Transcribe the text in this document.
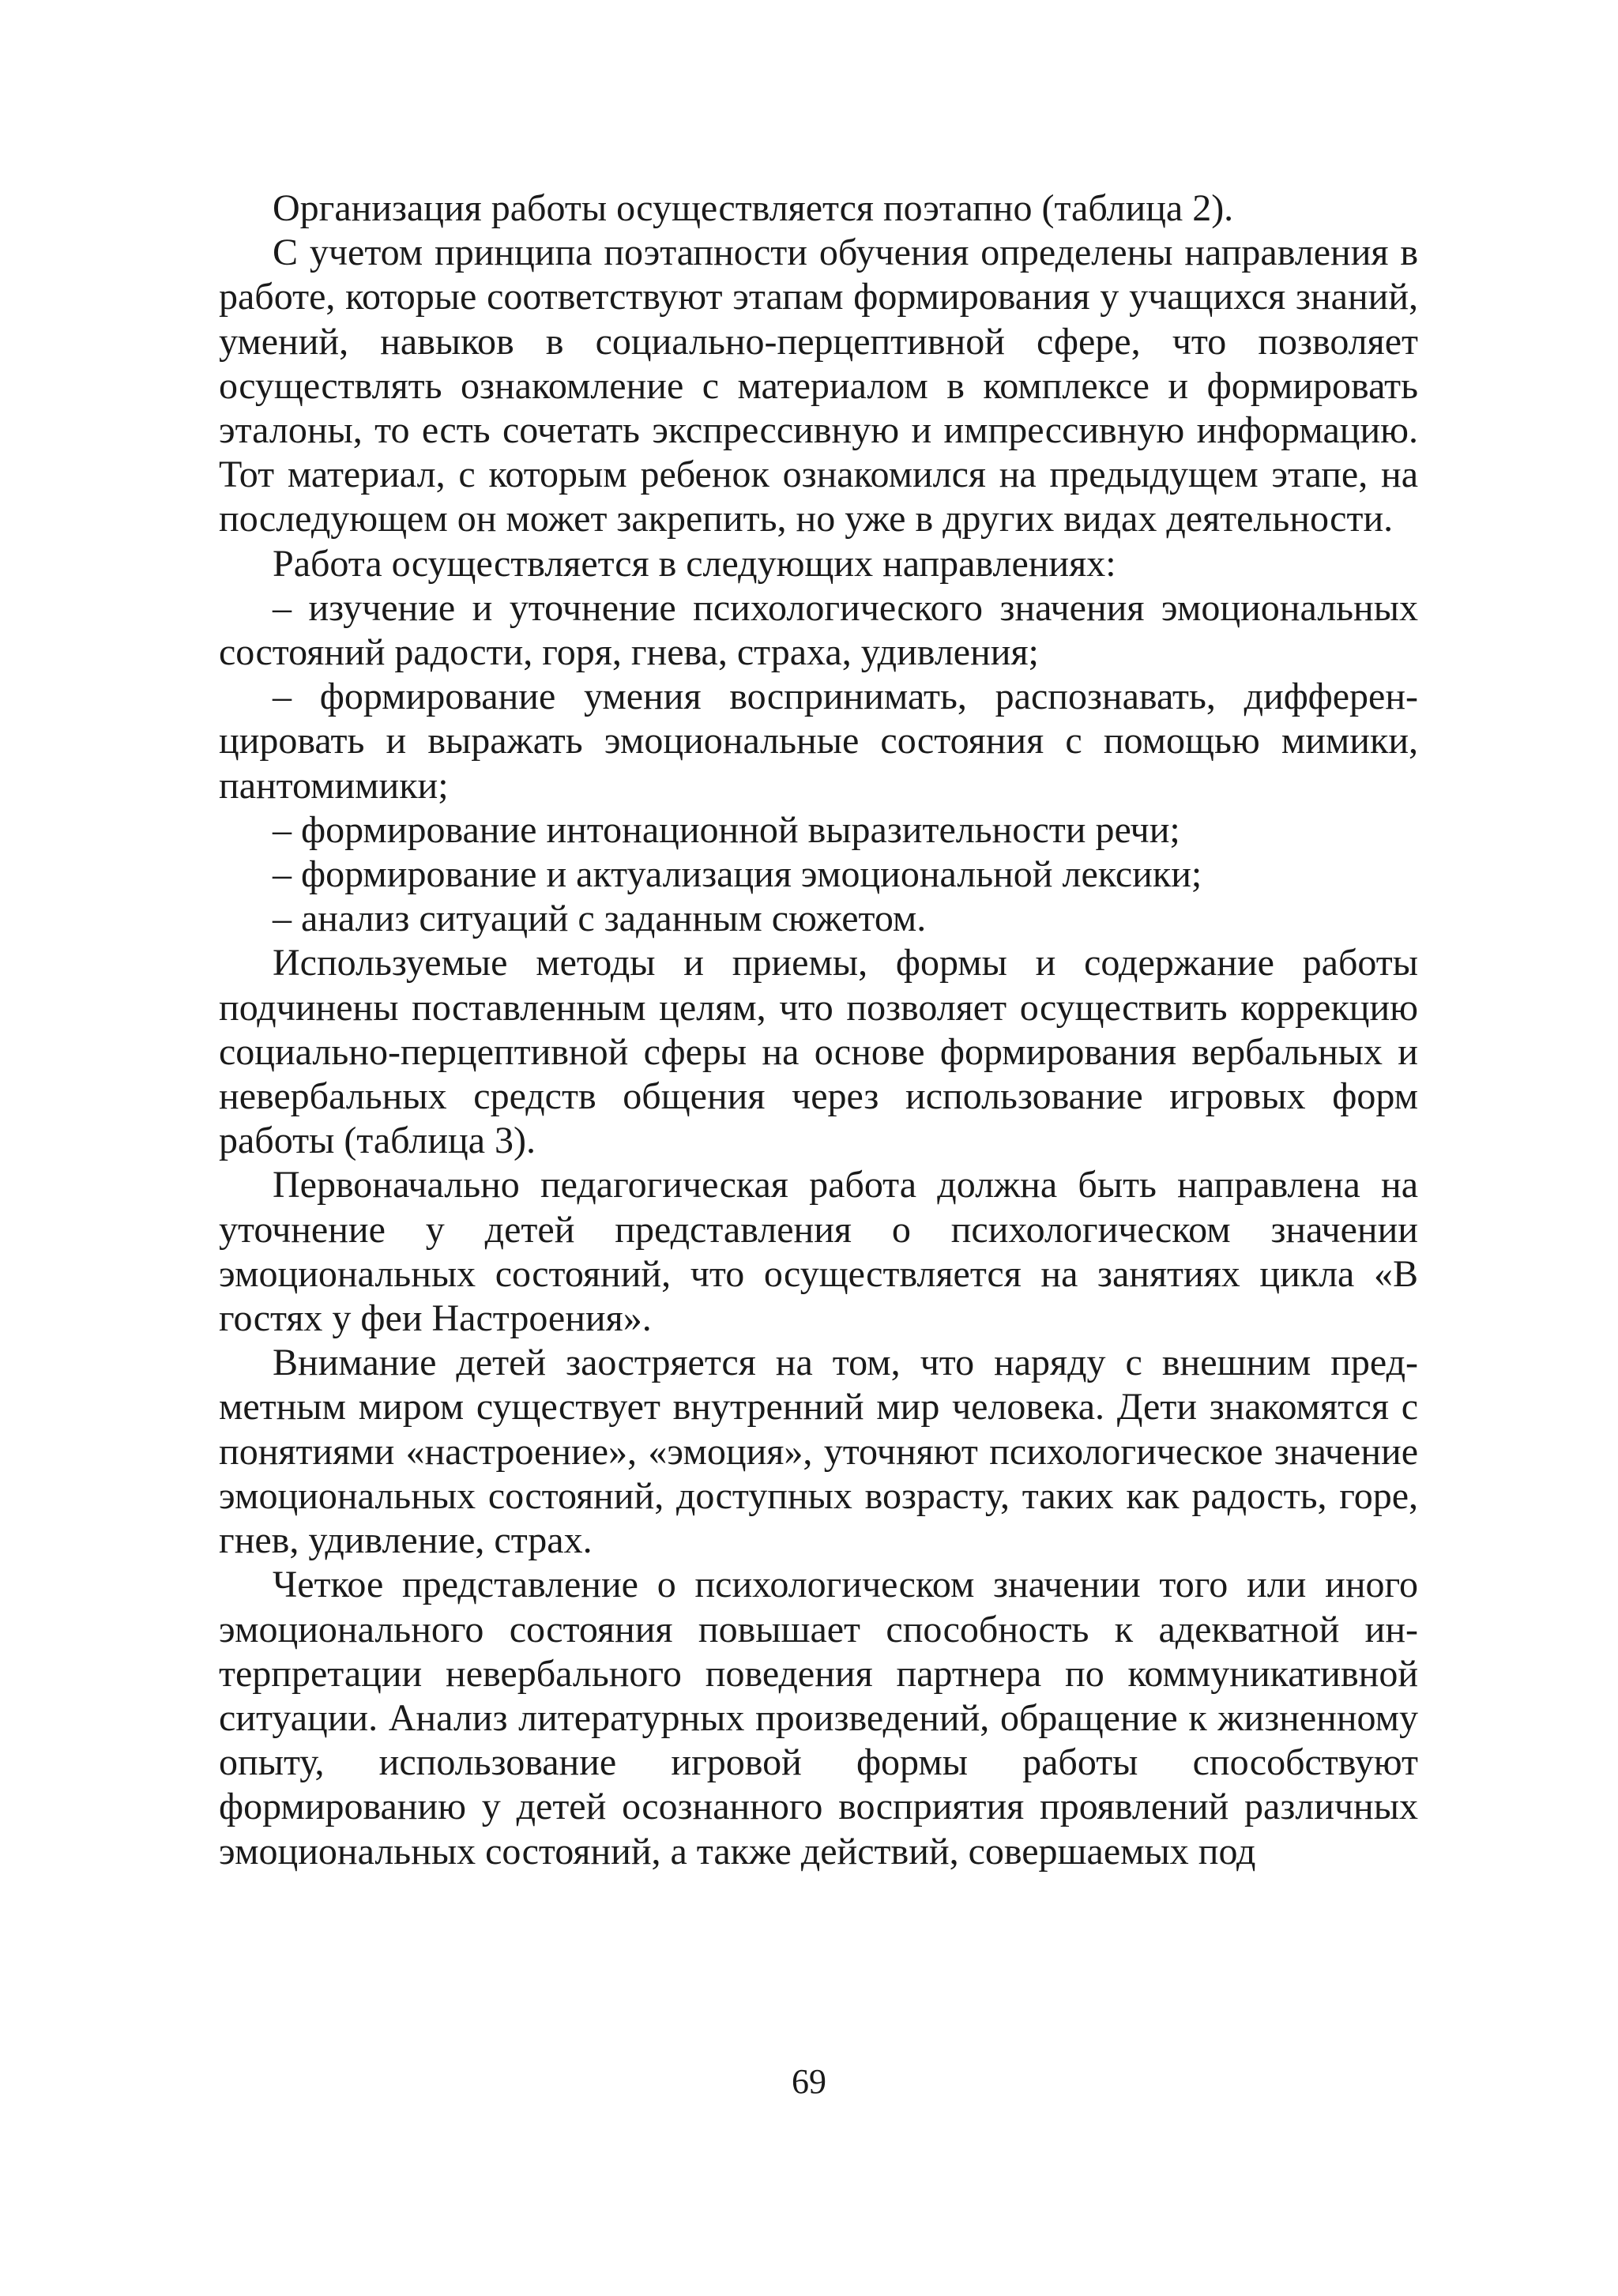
Организация работы осуществляется поэтапно (таблица 2).

С учетом принципа поэтапности обучения определены направления в работе, которые соответствуют этапам формирования у учащихся знаний, умений, навыков в социально-перцептивной сфере, что позволяет осуществлять ознакомление с материалом в комплексе и формировать эталоны, то есть сочетать экспрессивную и импрессивную информацию. Тот материал, с которым ребенок ознакомился на предыдущем этапе, на последующем он может закрепить, но уже в других видах деятельности.

Работа осуществляется в следующих направлениях:

– изучение и уточнение психологического значения эмоциональных состояний радости, горя, гнева, страха, удивления;

– формирование умения воспринимать, распознавать, дифференцировать и выражать эмоциональные состояния с помощью мимики, пантомимики;

– формирование интонационной выразительности речи;

– формирование и актуализация эмоциональной лексики;

– анализ ситуаций с заданным сюжетом.

Используемые методы и приемы, формы и содержание работы подчинены поставленным целям, что позволяет осуществить коррекцию социально-перцептивной сферы на основе формирования вербальных и невербальных средств общения через использование игровых форм работы (таблица 3).

Первоначально педагогическая работа должна быть направлена на уточнение у детей представления о психологическом значении эмоциональных состояний, что осуществляется на занятиях цикла «В гостях у феи Настроения».

Внимание детей заостряется на том, что наряду с внешним предметным миром существует внутренний мир человека. Дети знакомятся с понятиями «настроение», «эмоция», уточняют психологическое значение эмоциональных состояний, доступных возрасту, таких как радость, горе, гнев, удивление, страх.

Четкое представление о психологическом значении того или иного эмоционального состояния повышает способность к адекватной интерпретации невербального поведения партнера по коммуникативной ситуации. Анализ литературных произведений, обращение к жизненному опыту, использование игровой формы работы способствуют формированию у детей осознанного восприятия проявлений различных эмоциональных состояний, а также действий, совершаемых под

69
